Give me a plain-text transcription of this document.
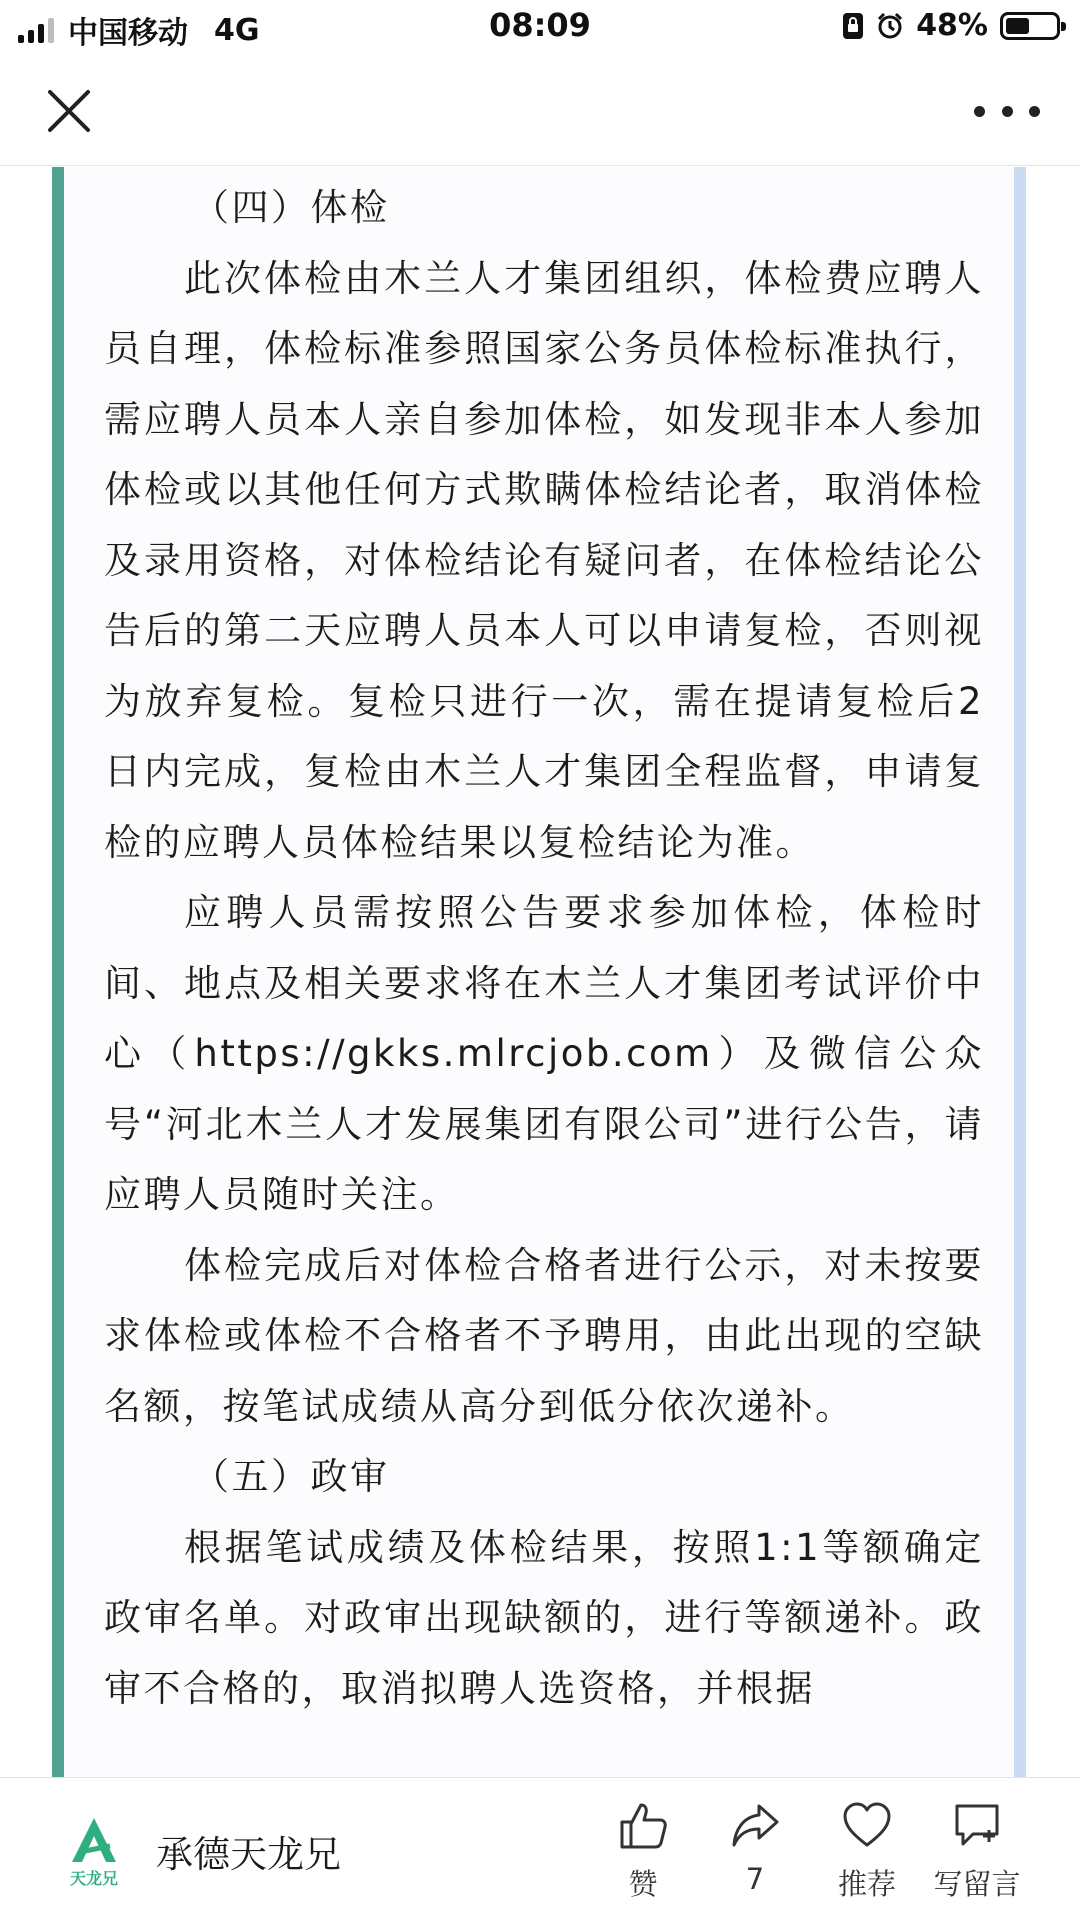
中国移动 4G	08:09	48%

（四）体检

此次体检由木兰人才集团组织，体检费应聘人员自理，体检标准参照国家公务员体检标准执行，需应聘人员本人亲自参加体检，如发现非本人参加体检或以其他任何方式欺瞒体检结论者，取消体检及录用资格，对体检结论有疑问者，在体检结论公告后的第二天应聘人员本人可以申请复检，否则视为放弃复检。复检只进行一次，需在提请复检后2日内完成，复检由木兰人才集团全程监督，申请复检的应聘人员体检结果以复检结论为准。

应聘人员需按照公告要求参加体检，体检时间、地点及相关要求将在木兰人才集团考试评价中心（https://gkks.mlrcjob.com）及微信公众号“河北木兰人才发展集团有限公司”进行公告，请应聘人员随时关注。

体检完成后对体检合格者进行公示，对未按要求体检或体检不合格者不予聘用，由此出现的空缺名额，按笔试成绩从高分到低分依次递补。

（五）政审

根据笔试成绩及体检结果，按照1:1等额确定政审名单。对政审出现缺额的，进行等额递补。政审不合格的，取消拟聘人选资格，并根据

天龙兄
承德天龙兄
赞	7	推荐	写留言
